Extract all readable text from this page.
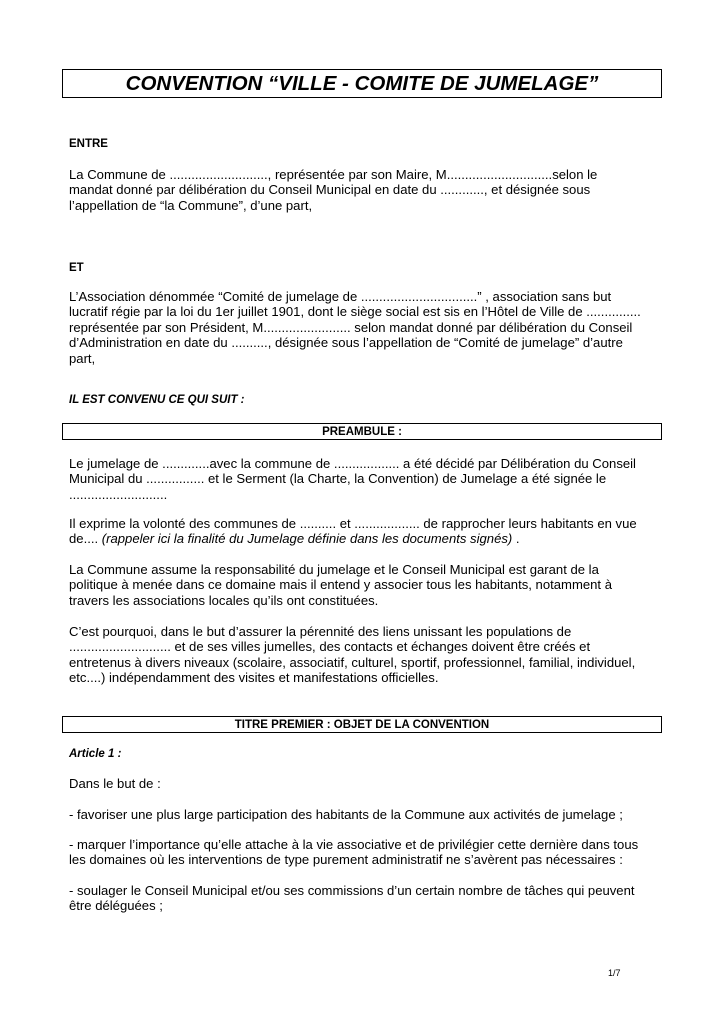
CONVENTION “VILLE - COMITE DE JUMELAGE”
ENTRE

La Commune de ..........................., représentée par son Maire, M.............................selon le
mandat donné par délibération du Conseil Municipal en date du ............, et désignée sous
l’appellation de “la Commune”, d’une part,

ET

L’Association dénommée “Comité de jumelage de ................................” , association sans but
lucratif régie par la loi du 1er juillet 1901, dont le siège social est sis en l’Hôtel de Ville de ...............
représentée par son Président, M........................ selon mandat donné par délibération du Conseil
d’Administration en date du .........., désignée sous l’appellation de “Comité de jumelage” d’autre
part,

IL EST CONVENU CE QUI SUIT :
PREAMBULE :

Le jumelage de .............avec la commune de .................. a été décidé par Délibération du Conseil
Municipal du ................ et le Serment (la Charte, la Convention) de Jumelage a été signée le
...........................

Il exprime la volonté des communes de .......... et .................. de rapprocher leurs habitants en vue
de.... (rappeler ici la finalité du Jumelage définie dans les documents signés) .

La Commune assume la responsabilité du jumelage et le Conseil Municipal est garant de la
politique à menée dans ce domaine mais il entend y associer tous les habitants, notamment à
travers les associations locales qu’ils ont constituées.

C’est pourquoi, dans le but d’assurer la pérennité des liens unissant les populations de
............................ et de ses villes jumelles, des contacts et échanges doivent être créés et
entretenus à divers niveaux (scolaire, associatif, culturel, sportif, professionnel, familial, individuel,
etc....) indépendamment des visites et manifestations officielles.

TITRE PREMIER : OBJET DE LA CONVENTION
Article 1 :

Dans le but de :

- favoriser une plus large participation des habitants de la Commune aux activités de jumelage ;

- marquer l’importance qu’elle attache à la vie associative et de privilégier cette dernière dans tous
les domaines où les interventions de type purement administratif ne s’avèrent pas nécessaires :

- soulager le Conseil Municipal et/ou ses commissions d’un certain nombre de tâches qui peuvent
être déléguées ;

1/7
